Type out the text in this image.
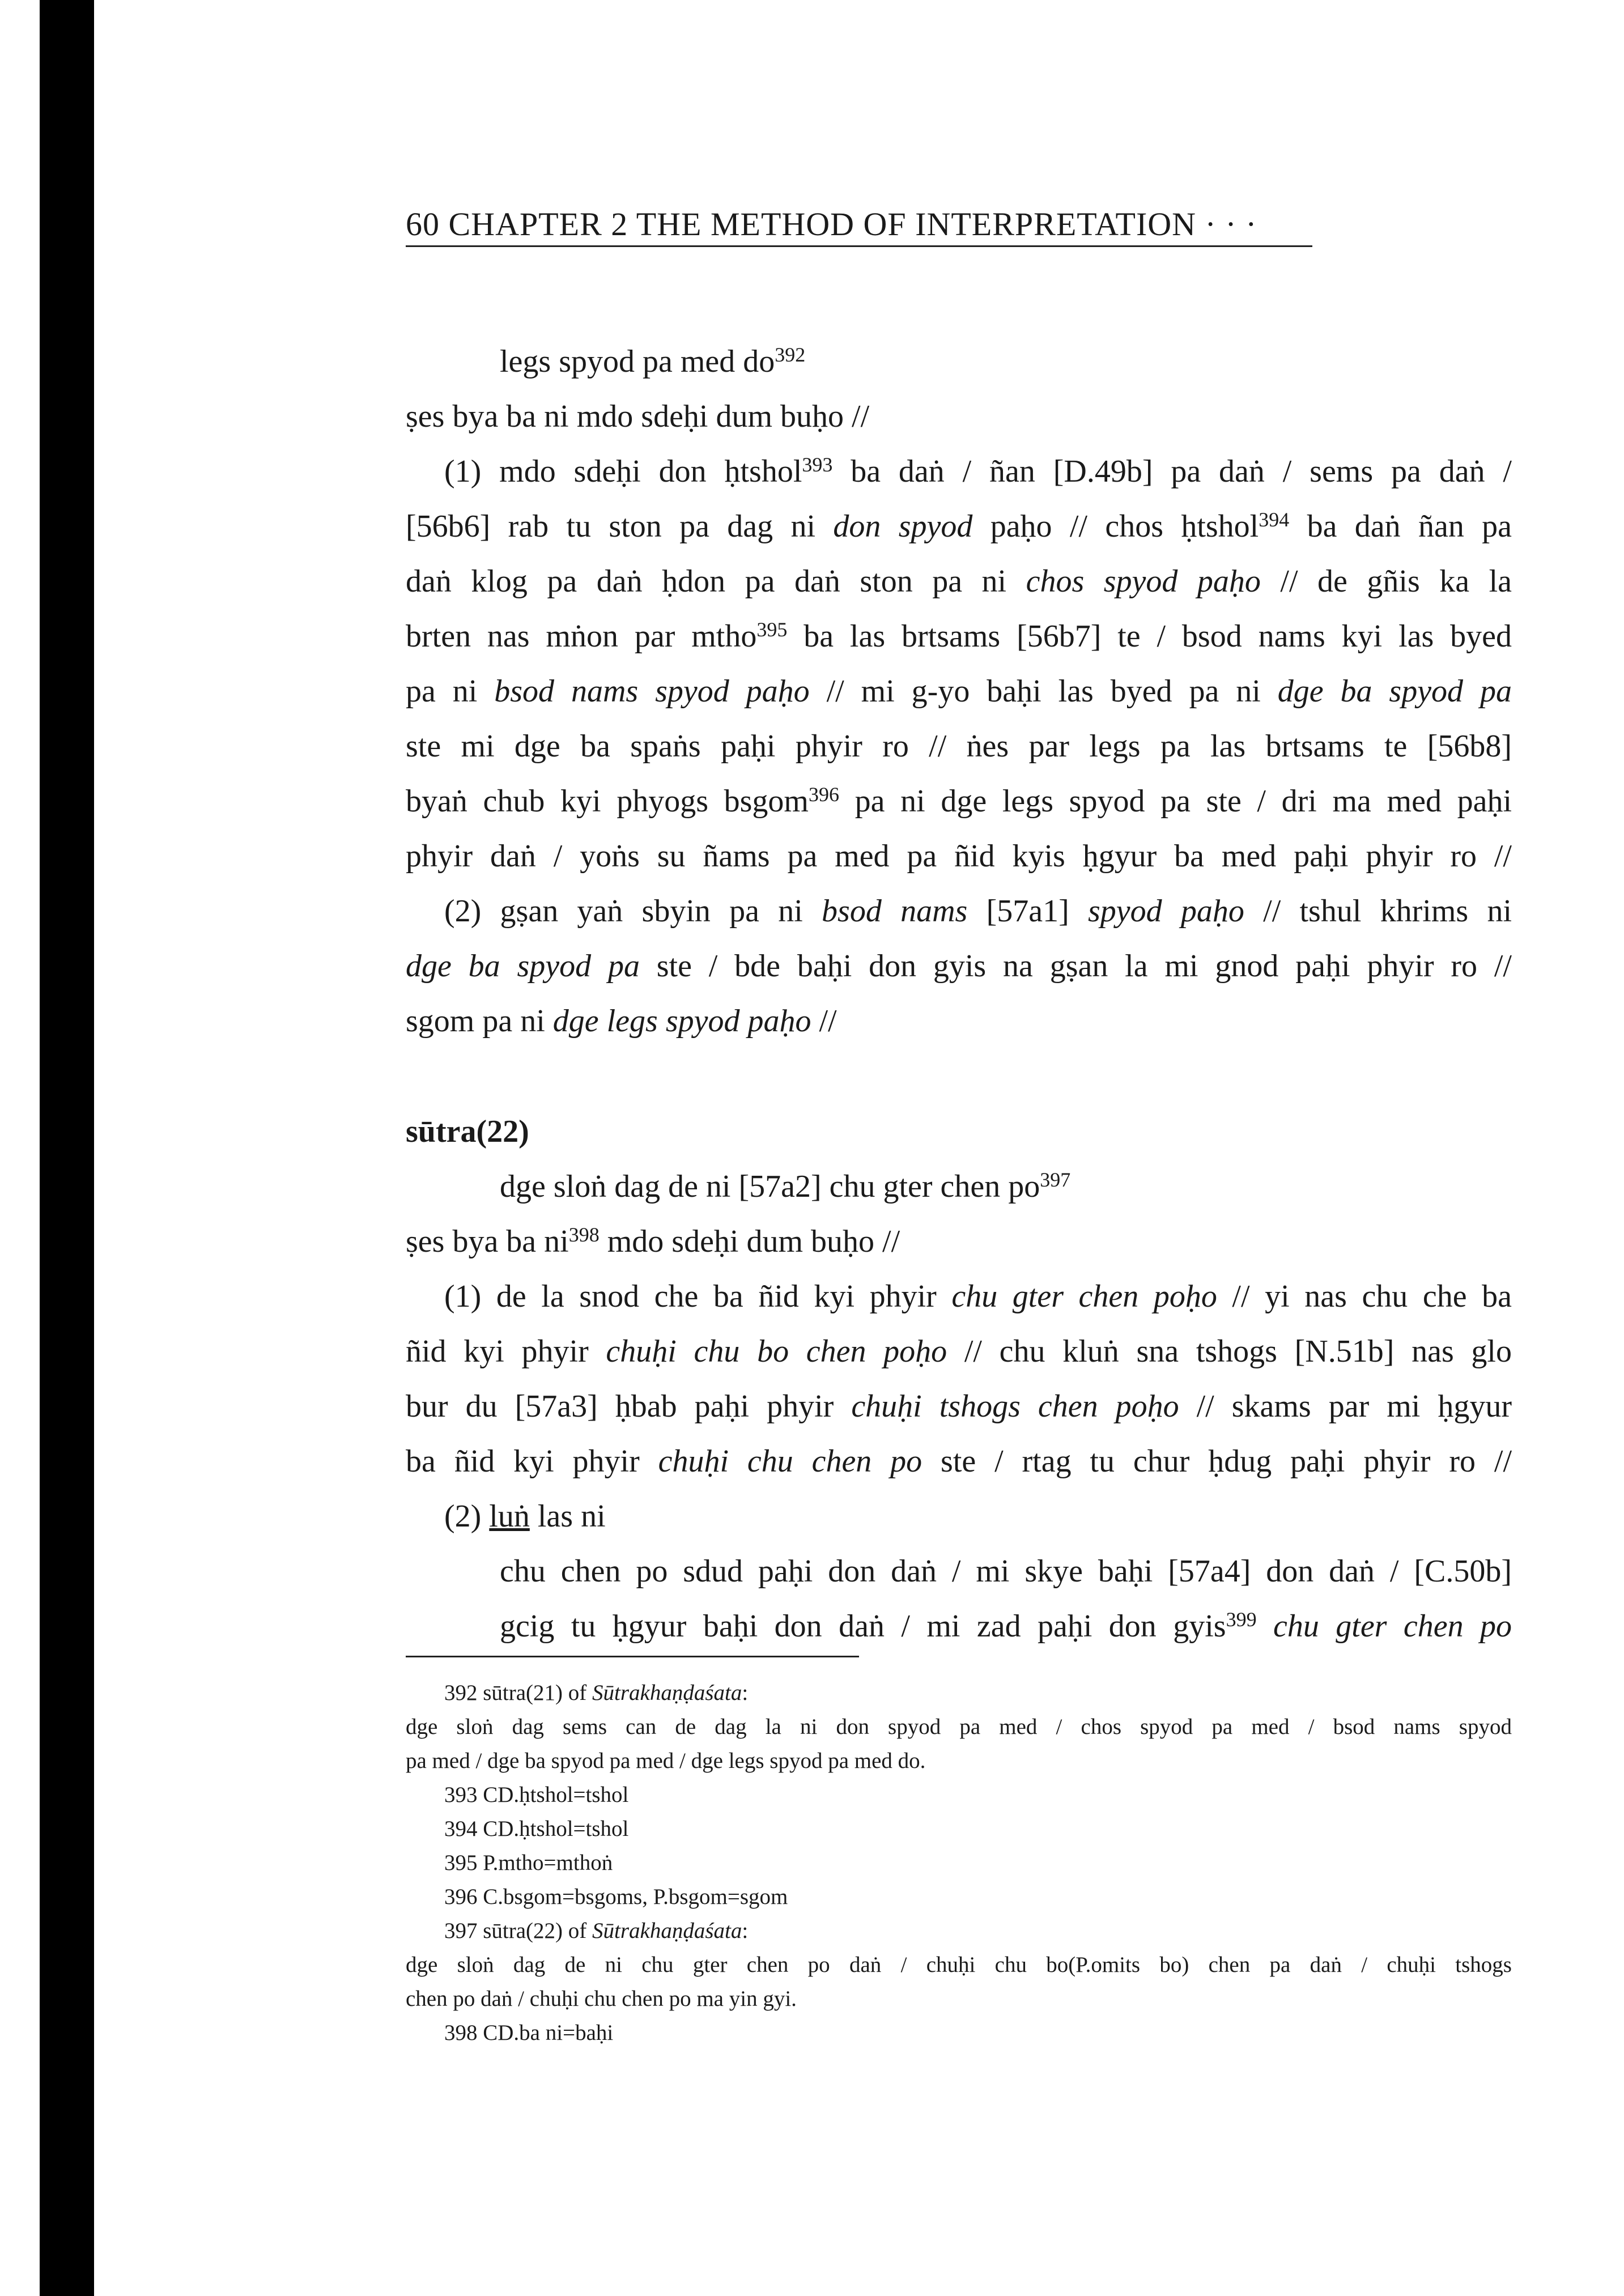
60 CHAPTER 2 THE METHOD OF INTERPRETATION · · ·
legs spyod pa med $do^{392}$
ṣes bya ba ni mdo sdeḥi dum buḥo //
(1) mdo sdeḥi don ḥtshol$^{393}$ ba daṅ / ñan [D.49b] pa daṅ / sems pa daṅ /
[56b6] rab tu ston pa dag ni don spyod paḥo // chos ḥtshol$^{394}$ ba daṅ ñan pa
daṅ klog pa daṅ ḥdon pa daṅ ston pa ni chos spyod paḥo // de gñis ka la
brten nas mṅon par mtho$^{395}$ ba las brtsams [56b7] te / bsod nams kyi las byed
pa ni bsod nams spyod paḥo // mi g-yo baḥi las byed pa ni dge ba spyod pa
ste mi dge ba spaṅs paḥi phyir ro // ṅes par legs pa las brtsams te [56b8]
byaṅ chub kyi phyogs bsgom$^{396}$ pa ni dge legs spyod pa ste / dri ma med paḥi
phyir daṅ / yoṅs su ñams pa med pa ñid kyis ḥgyur ba med paḥi phyir ro //
(2) gṣan yaṅ sbyin pa ni bsod nams [57a1] spyod paḥo // tshul khrims ni
dge ba spyod pa ste / bde baḥi don gyis na gṣan la mi gnod paḥi phyir ro //
sgom pa ni dge legs spyod paḥo //
sūtra(22)
dge sloṅ dag de ni [57a2] chu gter chen $po^{397}$
ṣes bya ba $ni^{398}$ mdo sdeḥi dum buḥo //
(1) de la snod che ba ñid kyi phyir chu gter chen poḥo // yi nas chu che ba
ñid kyi phyir chuḥi chu bo chen poḥo // chu kluṅ sna tshogs [N.51b] nas glo
bur du [57a3] ḥbab paḥi phyir chuḥi tshogs chen poḥo // skams par mi ḥgyur
ba ñid kyi phyir chuḥi chu chen po ste / rtag tu chur ḥdug paḥi phyir ro //
(2) luṅ las ni
chu chen po sdud paḥi don daṅ / mi skye baḥi [57a4] don daṅ / [C.50b]
gcig tu ḥgyur baḥi don daṅ / mi zad paḥi don gyis$^{399}$ chu gter chen po
392 sūtra(21) of Sūtrakhaṇḍaśata:
dge sloṅ dag sems can de dag la ni don spyod pa med / chos spyod pa med / bsod nams spyod
pa med / dge ba spyod pa med / dge legs spyod pa med do.
393 CD.ḥtshol=tshol
394 CD.ḥtshol=tshol
395 P.mtho=mthoṅ
396 C.bsgom=bsgoms, P.bsgom=sgom
397 sūtra(22) of Sūtrakhaṇḍaśata:
dge sloṅ dag de ni chu gter chen po daṅ / chuḥi chu bo(P.omits bo) chen pa daṅ / chuḥi tshogs
chen po daṅ / chuḥi chu chen po ma yin gyi.
398 CD.ba ni=baḥi
